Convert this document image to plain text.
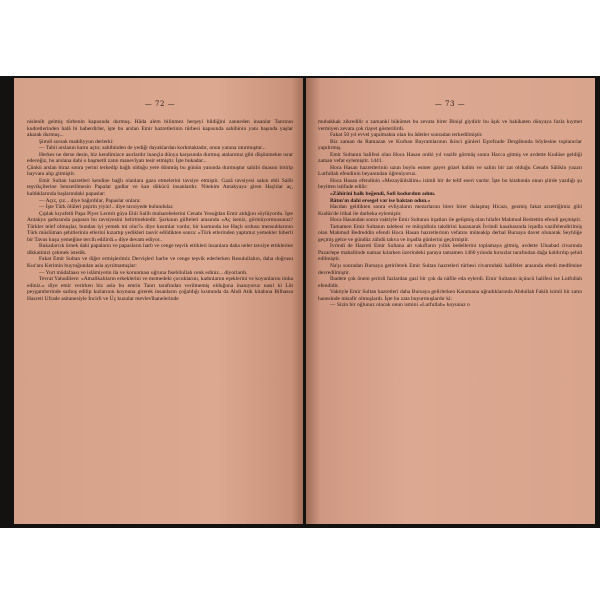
— 72 —

nislenib gelmiş türbenin kapısında durmuş. Hâda alem bilinmez herşeyi bildiğini zanneden insanlar Tanrının kudretlerinden halâ bi haberdirler, işte bu arslan Emir hazretlerinin türbesi kapısında sahibinin yanı başında yaşlar akarak durmuş...

Şimdi sorsak maddiyyun derlerki:

— Tabii arslanın karnı açtır, sahibinden de yediği dayaklardan korkmaktadır, onun yanına oturmuştur...

Herkes ne derse desin, biz kendimizce asırlardır inançla dünya karşısında durmuş atalarımız gibi düşünmekte ısrar edeceğiz, bu arslana dahi o başmetli zatın manevîyatı tesir etmiştir. İşte bukadar...

Çünkü arslan biraz sonra yerini terkedip bağlı olduğu yere dönmüş bu günün yanında durmuştur sahibi duasını bitirip hayvanı alıp gitmiştir.

Emir Sultan hazretleri kendine bağlı olanlara gaza etmelerini tavsiye etmiştir. Gazâ tavsiyesi sakın ehli Salib teşvikçilerine benzetilmesin Papalar gadlar ve kan dökücü insanlardır. Nitekim Antakyaya giren Haçlılar aç, kaldıklarında başlarındaki papaslar:

— Açız, çız... diye bağırdılar, Papaslar onlara:

— İşte Türk ölüleri pişirin yiyin!.. diye tavsiyede bulundular.

Çıplak kıyafetli Papa Piyer Lermit güya Ehli Salib muharebelerini Cenabı Yesuğdan Emir aldığını söylüyordu. İşte Antakya şarkısında papasın bu tavsiyesini belirtmektedir. Şarkının güfteleri arasında «Aç iseniz, görmüyormusunuz? Türkler telef olmuşlar, bundan iyi yemek mi olur?» diye kısımlar vardır, bir kısmında ise Haçlı ordusu mensublarının Türk müslüman şehitlerinin etlerini kızartıp yedikleri tasvir edildikten sonra: «Türk etlerinden yaptımız yemekler biberli bir Tavus kuşu yemeğine tercih edilirdi.» diye devam ediyor..

Bukadarcık örnek dahi papaların ve papasların harb ve cenge teşvik ettikleri insanlara daha neler tavsiye ettiklerine dikkatinizi çekmek istedik.

Fakat Emir Sultan ve diğer ermişlerimiz Dervişleri harbe ve cenge teşvik ederlerken Resulullahın, daha doğrusu Kur'anı Kerimin buyruğundan asla ayrılmamışlar:

— Yurt müdafaası ve islâmiyetin ila ve korunması uğruna fisebilullah cenk ediniz... diyorlardı.

Tevrat Yahudilere: «Amalikalıların erkeklerini ve memedeki çocuklarını, kadınlarını eşeklerini ve koyunlarını imha ediniz.» diye emir verirken biz asla bu emrin Tanrı tarafından verilmemiş olduğuna inanıyoruz nasıl ki Lût peygamberinde sarhoş edilip kızlarının koynuna girerek insanların çoğaldığı kısmında da Ahdi Atik kitabına Bilhassa Hazreti Ufrade asitanesiyle İncirli ve Üç kuzular mevlevîhanelerinde

— 73 —

muhakkak zikredilir o zamanki hükümet bu zevata birer Binişl giydirir bu âşık ve hakikaten dünyaya fazla kıymet vermiyen zevata çok riayet gösterilirdi.

Fakat 50 yıl evvel yapılmakta olan bu âdetler sonradan terkedilmiştir.

Biz zaman da Ramazan ve Kurban Bayramlarının ikinci günleri Eşrefzade Dergâhında böylesine toplanırlar yapılırmış.

Emir Sultanın halifesi olan Hoca Hasan oniki yıl vazife görmüş sonra Hacca gitmiş ve avdette Kudüse geldiği zaman vefat eylemiştir. 1441.

Hoca Hasan hazretlerinin uzun boylu esmer gayet güzel halim ve salim bir zat olduğu Cenabı Sâlikin yazarı Lutfullah efendinin beyanından öğreniyoruz.

Hoca Hasan efendinin «Mezayâülsâlim» isimli bir de telif eseri vardır. İşte bu kitabında onun şiirde yazdığı şu beyitten istifade edilir:

«Zâhirini halk beğendi, Sofi kodurdun adını.

Bâtın'ın dahi ersegel var ise baktan odun.»

Hacdan geldikten sonra evliyaların mezarlarını birer birer dolaşmış Hicazı, gezmiş fakat arzettiğimiz gibi Kudüs'de irihal ile darbeka eylemiştir.

Hoca Hasandan sonra vaktiyle Emir Sultanın irşatları ile gelişmiş olan hilafet Mahmud Bedrettin efendi geçmiştir.

Tamamen Emir Sultanın talebesi ve mürşidinin takdirini kazanarak İvrindi kasabasında irşadla vazifelendirilmiş olan Mahmud Bedreddin efendi Hoca Hasan hazretlerinin vefatını müteakip derhal Bursaya davet olunarak Seyhliğe geçmiş gelce ve gündüz zühdü takva ve irşadla günlerini geçirmiştir.

İvrindi de Hazreti Emir Sultana ait vakıfların yıllık bedellerini toplamaya gitmiş, avdette Uluabad civarında Pazarlepe mahallinde namaz kılarken üzerindeki paraya tamamen 1460 yılında hırsızlar tarafından dağa kaldırılıp şehid edilmiştir.

Na'şı sonradan Bursaya getirilerek Emir Sultan hazretleri türbesi civarındaki halifeler arasında ebedi medfenine devredilmiştir.

İbadete çok önem şerirdi fazlardan gazi bir çok da nâfile eda eylerdi. Emir Sultanın üçüncü halifesi ise Lutfullah efendidir.

Vaktiyle Emir Sultan hazretleri daha Bursaya gelirlerken Karamana uğradıklarında Abdullah Fakih isimli bir zatın hanesinde misafir olmuşlardı. İşte bu zata buyurmuşlardır ki:

— Sizin bir oğlunuz olacak onun ismini «Lutfullah» koyunuz o
